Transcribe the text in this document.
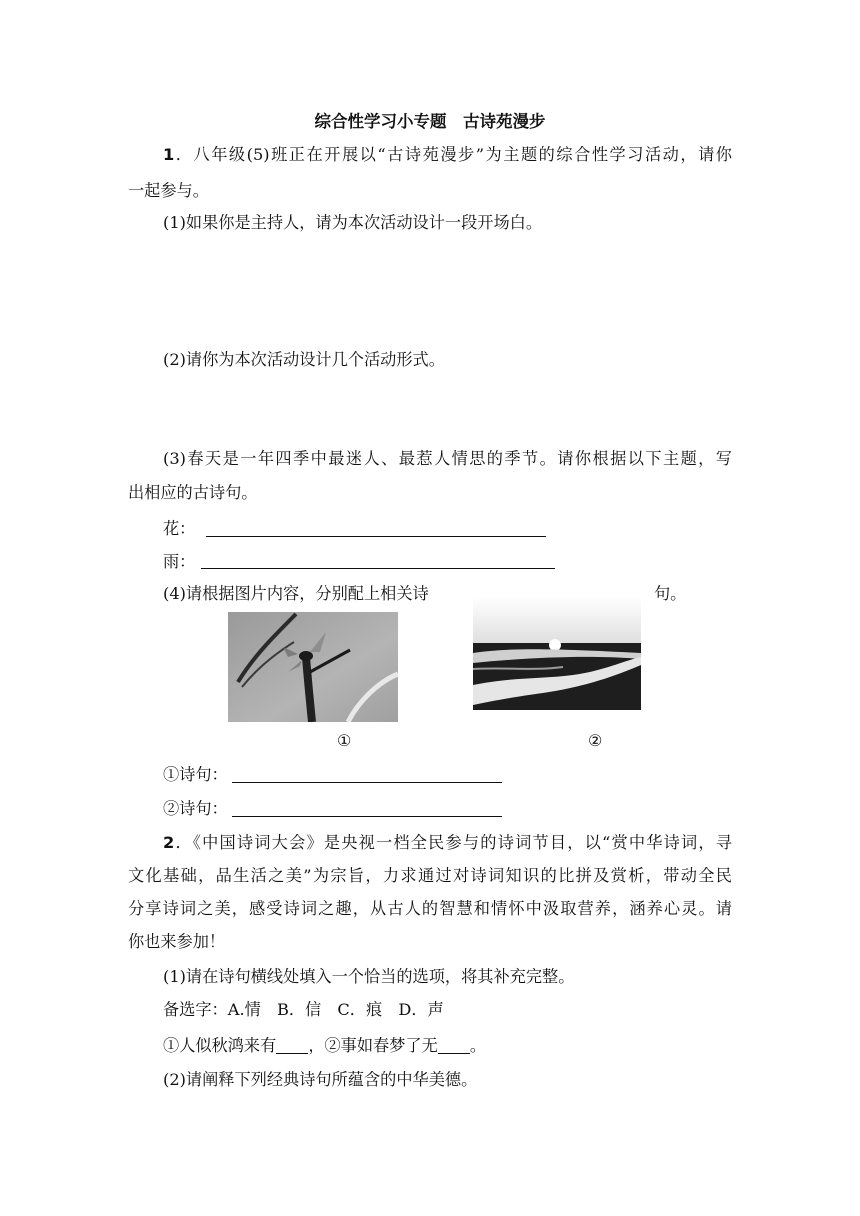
综合性学习小专题　古诗苑漫步
1．八年级(5)班正在开展以“古诗苑漫步”为主题的综合性学习活动，请你
一起参与。
(1)如果你是主持人，请为本次活动设计一段开场白。
(2)请你为本次活动设计几个活动形式。
(3)春天是一年四季中最迷人、最惹人情思的季节。请你根据以下主题，写
出相应的古诗句。
花：
雨：
(4)请根据图片内容，分别配上相关诗	句。
①	②
①诗句：
②诗句：
2．《中国诗词大会》是央视一档全民参与的诗词节目，以“赏中华诗词，寻
文化基础，品生活之美”为宗旨，力求通过对诗词知识的比拼及赏析，带动全民
分享诗词之美，感受诗词之趣，从古人的智慧和情怀中汲取营养，涵养心灵。请
你也来参加！
(1)请在诗句横线处填入一个恰当的选项，将其补充完整。
备选字：A.情　B．信　C．痕　D．声
①人似秋鸿来有 ，②事如春梦了无 。
(2)请阐释下列经典诗句所蕴含的中华美德。
